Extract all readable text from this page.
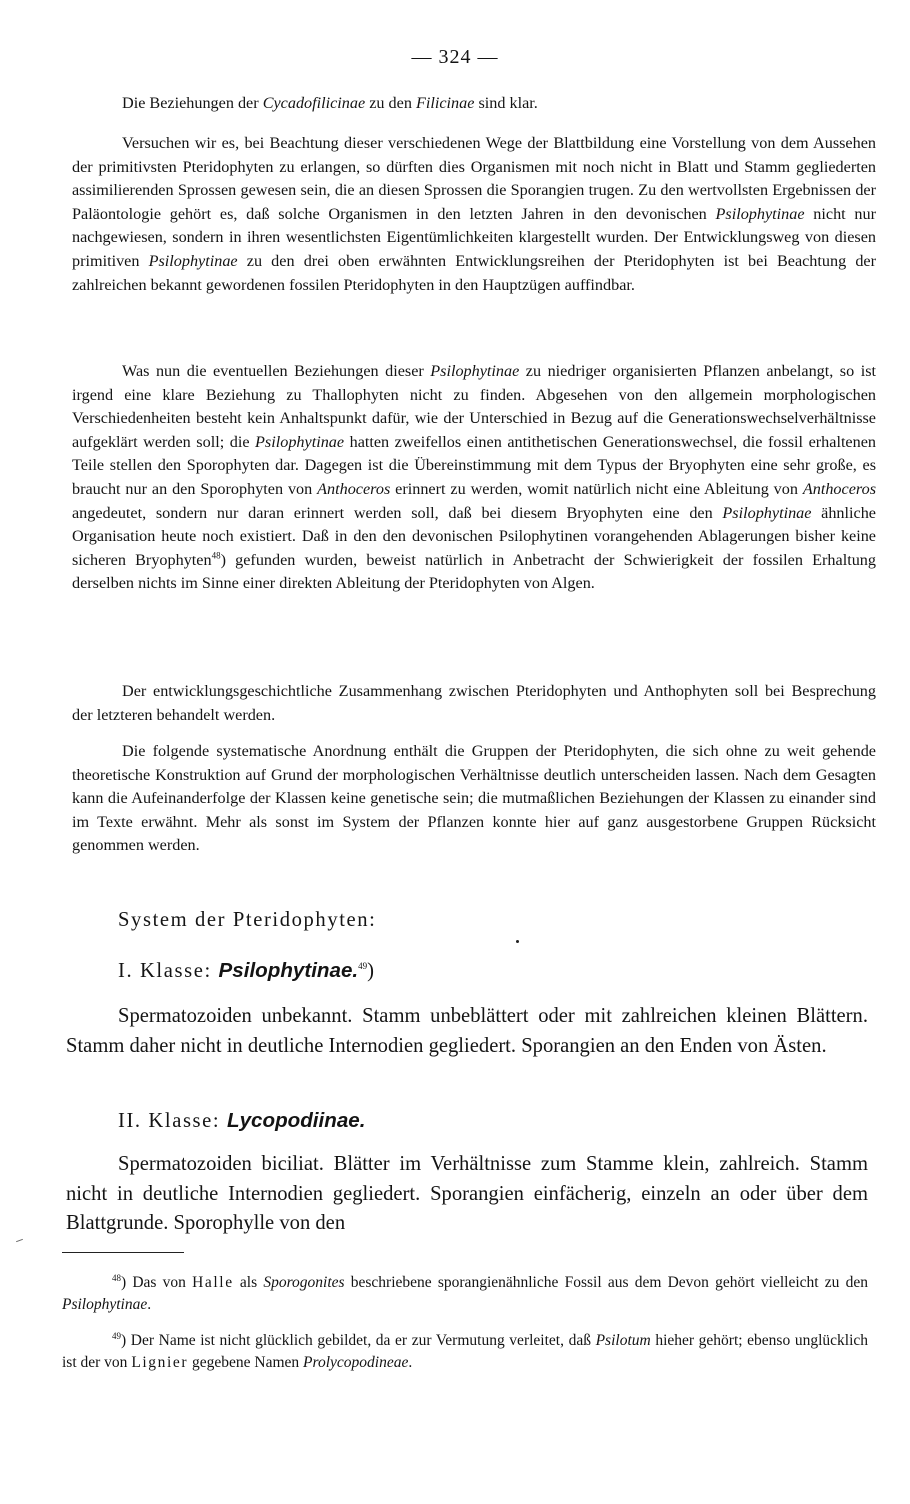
— 324 —

Die Beziehungen der Cycadofilicinae zu den Filicinae sind klar.

Versuchen wir es, bei Beachtung dieser verschiedenen Wege der Blattbildung eine Vorstellung von dem Aussehen der primitivsten Pteridophyten zu erlangen, so dürften dies Organismen mit noch nicht in Blatt und Stamm gegliederten assimilierenden Sprossen gewesen sein, die an diesen Sprossen die Sporangien trugen. Zu den wertvollsten Ergebnissen der Paläontologie gehört es, daß solche Organismen in den letzten Jahren in den devonischen Psilophytinae nicht nur nachgewiesen, sondern in ihren wesentlichsten Eigentümlichkeiten klargestellt wurden. Der Entwicklungsweg von diesen primitiven Psilophytinae zu den drei oben erwähnten Entwicklungsreihen der Pteridophyten ist bei Beachtung der zahlreichen bekannt gewordenen fossilen Pteridophyten in den Hauptzügen auffindbar.

Was nun die eventuellen Beziehungen dieser Psilophytinae zu niedriger organisierten Pflanzen anbelangt, so ist irgend eine klare Beziehung zu Thallophyten nicht zu finden. Abgesehen von den allgemein morphologischen Verschiedenheiten besteht kein Anhaltspunkt dafür, wie der Unterschied in Bezug auf die Generationswechselverhältnisse aufgeklärt werden soll; die Psilophytinae hatten zweifellos einen antithetischen Generationswechsel, die fossil erhaltenen Teile stellen den Sporophyten dar. Dagegen ist die Übereinstimmung mit dem Typus der Bryophyten eine sehr große, es braucht nur an den Sporophyten von Anthoceros erinnert zu werden, womit natürlich nicht eine Ableitung von Anthoceros angedeutet, sondern nur daran erinnert werden soll, daß bei diesem Bryophyten eine den Psilophytinae ähnliche Organisation heute noch existiert. Daß in den den devonischen Psilophytinen vorangehenden Ablagerungen bisher keine sicheren Bryophyten$^{48}$) gefunden wurden, beweist natürlich in Anbetracht der Schwierigkeit der fossilen Erhaltung derselben nichts im Sinne einer direkten Ableitung der Pteridophyten von Algen.

Der entwicklungsgeschichtliche Zusammenhang zwischen Pteridophyten und Anthophyten soll bei Besprechung der letzteren behandelt werden.

Die folgende systematische Anordnung enthält die Gruppen der Pteridophyten, die sich ohne zu weit gehende theoretische Konstruktion auf Grund der morphologischen Verhältnisse deutlich unterscheiden lassen. Nach dem Gesagten kann die Aufeinanderfolge der Klassen keine genetische sein; die mutmaßlichen Beziehungen der Klassen zu einander sind im Texte erwähnt. Mehr als sonst im System der Pflanzen konnte hier auf ganz ausgestorbene Gruppen Rücksicht genommen werden.

System der Pteridophyten:
I. Klasse: Psilophytinae.$^{49}$)

Spermatozoiden unbekannt. Stamm unbeblättert oder mit zahlreichen kleinen Blättern. Stamm daher nicht in deutliche Internodien gegliedert. Sporangien an den Enden von Ästen.

II. Klasse: Lycopodiinae.

Spermatozoiden biciliat. Blätter im Verhältnisse zum Stamme klein, zahlreich. Stamm nicht in deutliche Internodien gegliedert. Sporangien einfächerig, einzeln an oder über dem Blattgrunde. Sporophylle von den

$^{48}$) Das von Halle als Sporogonites beschriebene sporangienähnliche Fossil aus dem Devon gehört vielleicht zu den Psilophytinae.

$^{49}$) Der Name ist nicht glücklich gebildet, da er zur Vermutung verleitet, daß Psilotum hieher gehört; ebenso unglücklich ist der von Lignier gegebene Namen Prolycopodineae.
